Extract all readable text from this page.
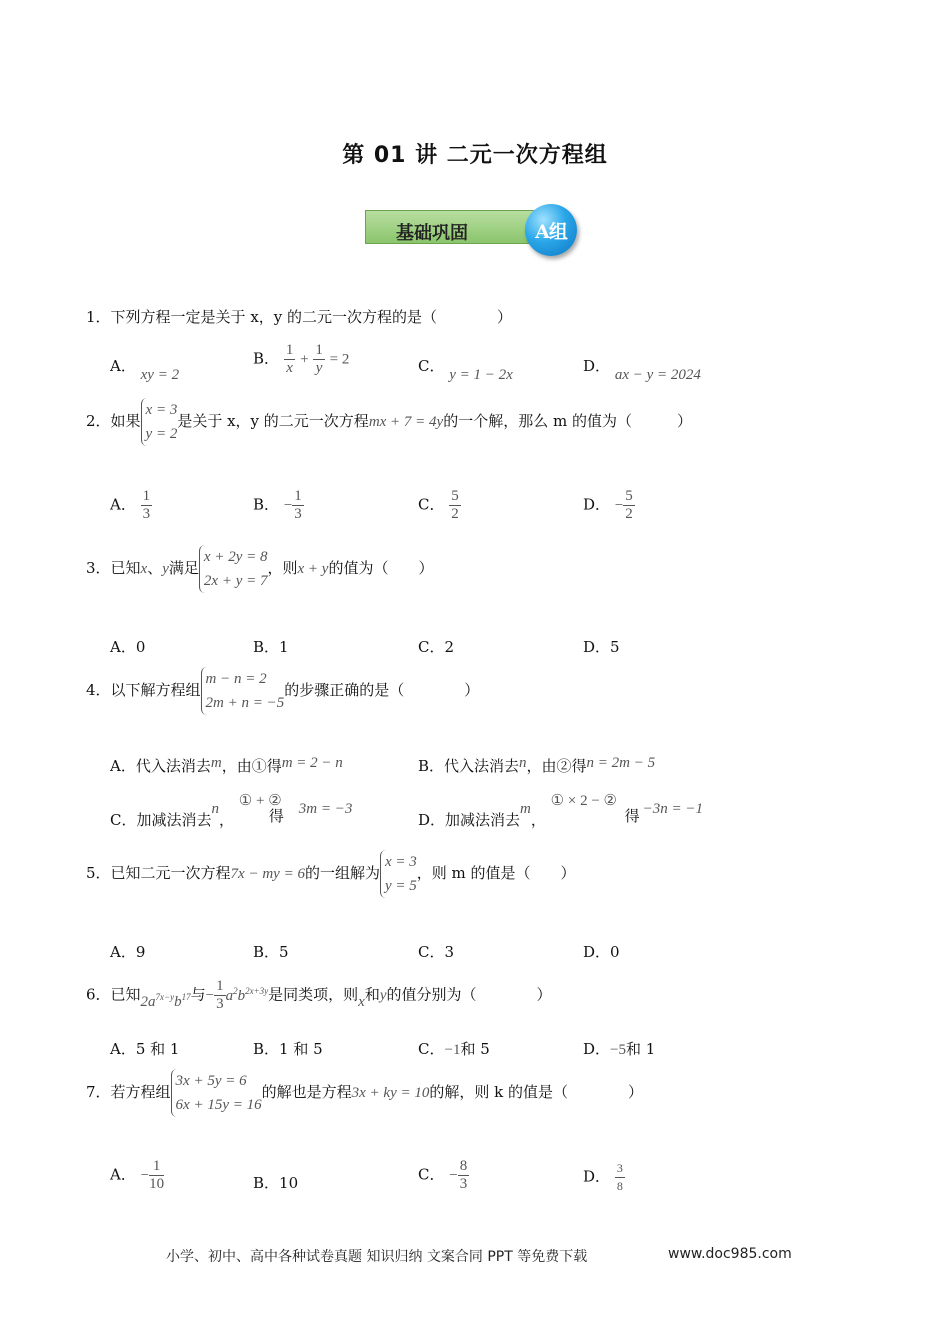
第 01 讲 二元一次方程组
基础巩固	A组
1．下列方程一定是关于 x，y 的二元一次方程的是（　　　　）
A． xy = 2
B． $\frac{1}{x} + \frac{1}{y} = 2$	C． y = 1 − 2x	D． ax − y = 2024
2．如果
x = 3
y = 2
是关于 x，y 的二元一次方程mx + 7 = 4y的一个解，那么 m 的值为（　　　）
A． $\frac{1}{3}$	B． − $\frac{1}{3}$	C． $\frac{5}{2}$	D． − $\frac{5}{2}$
3．已知x、y满足
x + 2y = 8
2x + y = 7
，则x + y的值为（　　）
A．0	B．1	C．2	D．5
4．以下解方程组
m − n = 2
2m + n = −5
的步骤正确的是（　　　　）
A．代入法消去m，由①得m = 2 − n	B．代入法消去n，由②得n = 2m − 5
C．加减法消去n，
① + ②
得 3m = −3
D．加减法消去m，
① × 2 − ②
得 −3n = −1
5．已知二元一次方程7x − my = 6的一组解为
x = 3
y = 5
，则 m 的值是（　　）
A．9	B．5	C．3	D．0
6．已知$2a^{7x-y}b^{17}$与− $\frac{1}{3} a^2b^{2x+3y}$是同类项，则x和y的值分别为（　　　　）
A．5 和 1	B．1 和 5	C．−1和 5	D．−5和 1
7．若方程组
3x + 5y = 6
6x + 15y = 16
的解也是方程3x + ky = 10的解，则 k 的值是（　　　　）
A． − $\frac{1}{10}$	B．10	C． − $\frac{8}{3}$	D． $\frac{3}{8}$
小学、初中、高中各种试卷真题 知识归纳 文案合同 PPT 等免费下载	www.doc985.com
